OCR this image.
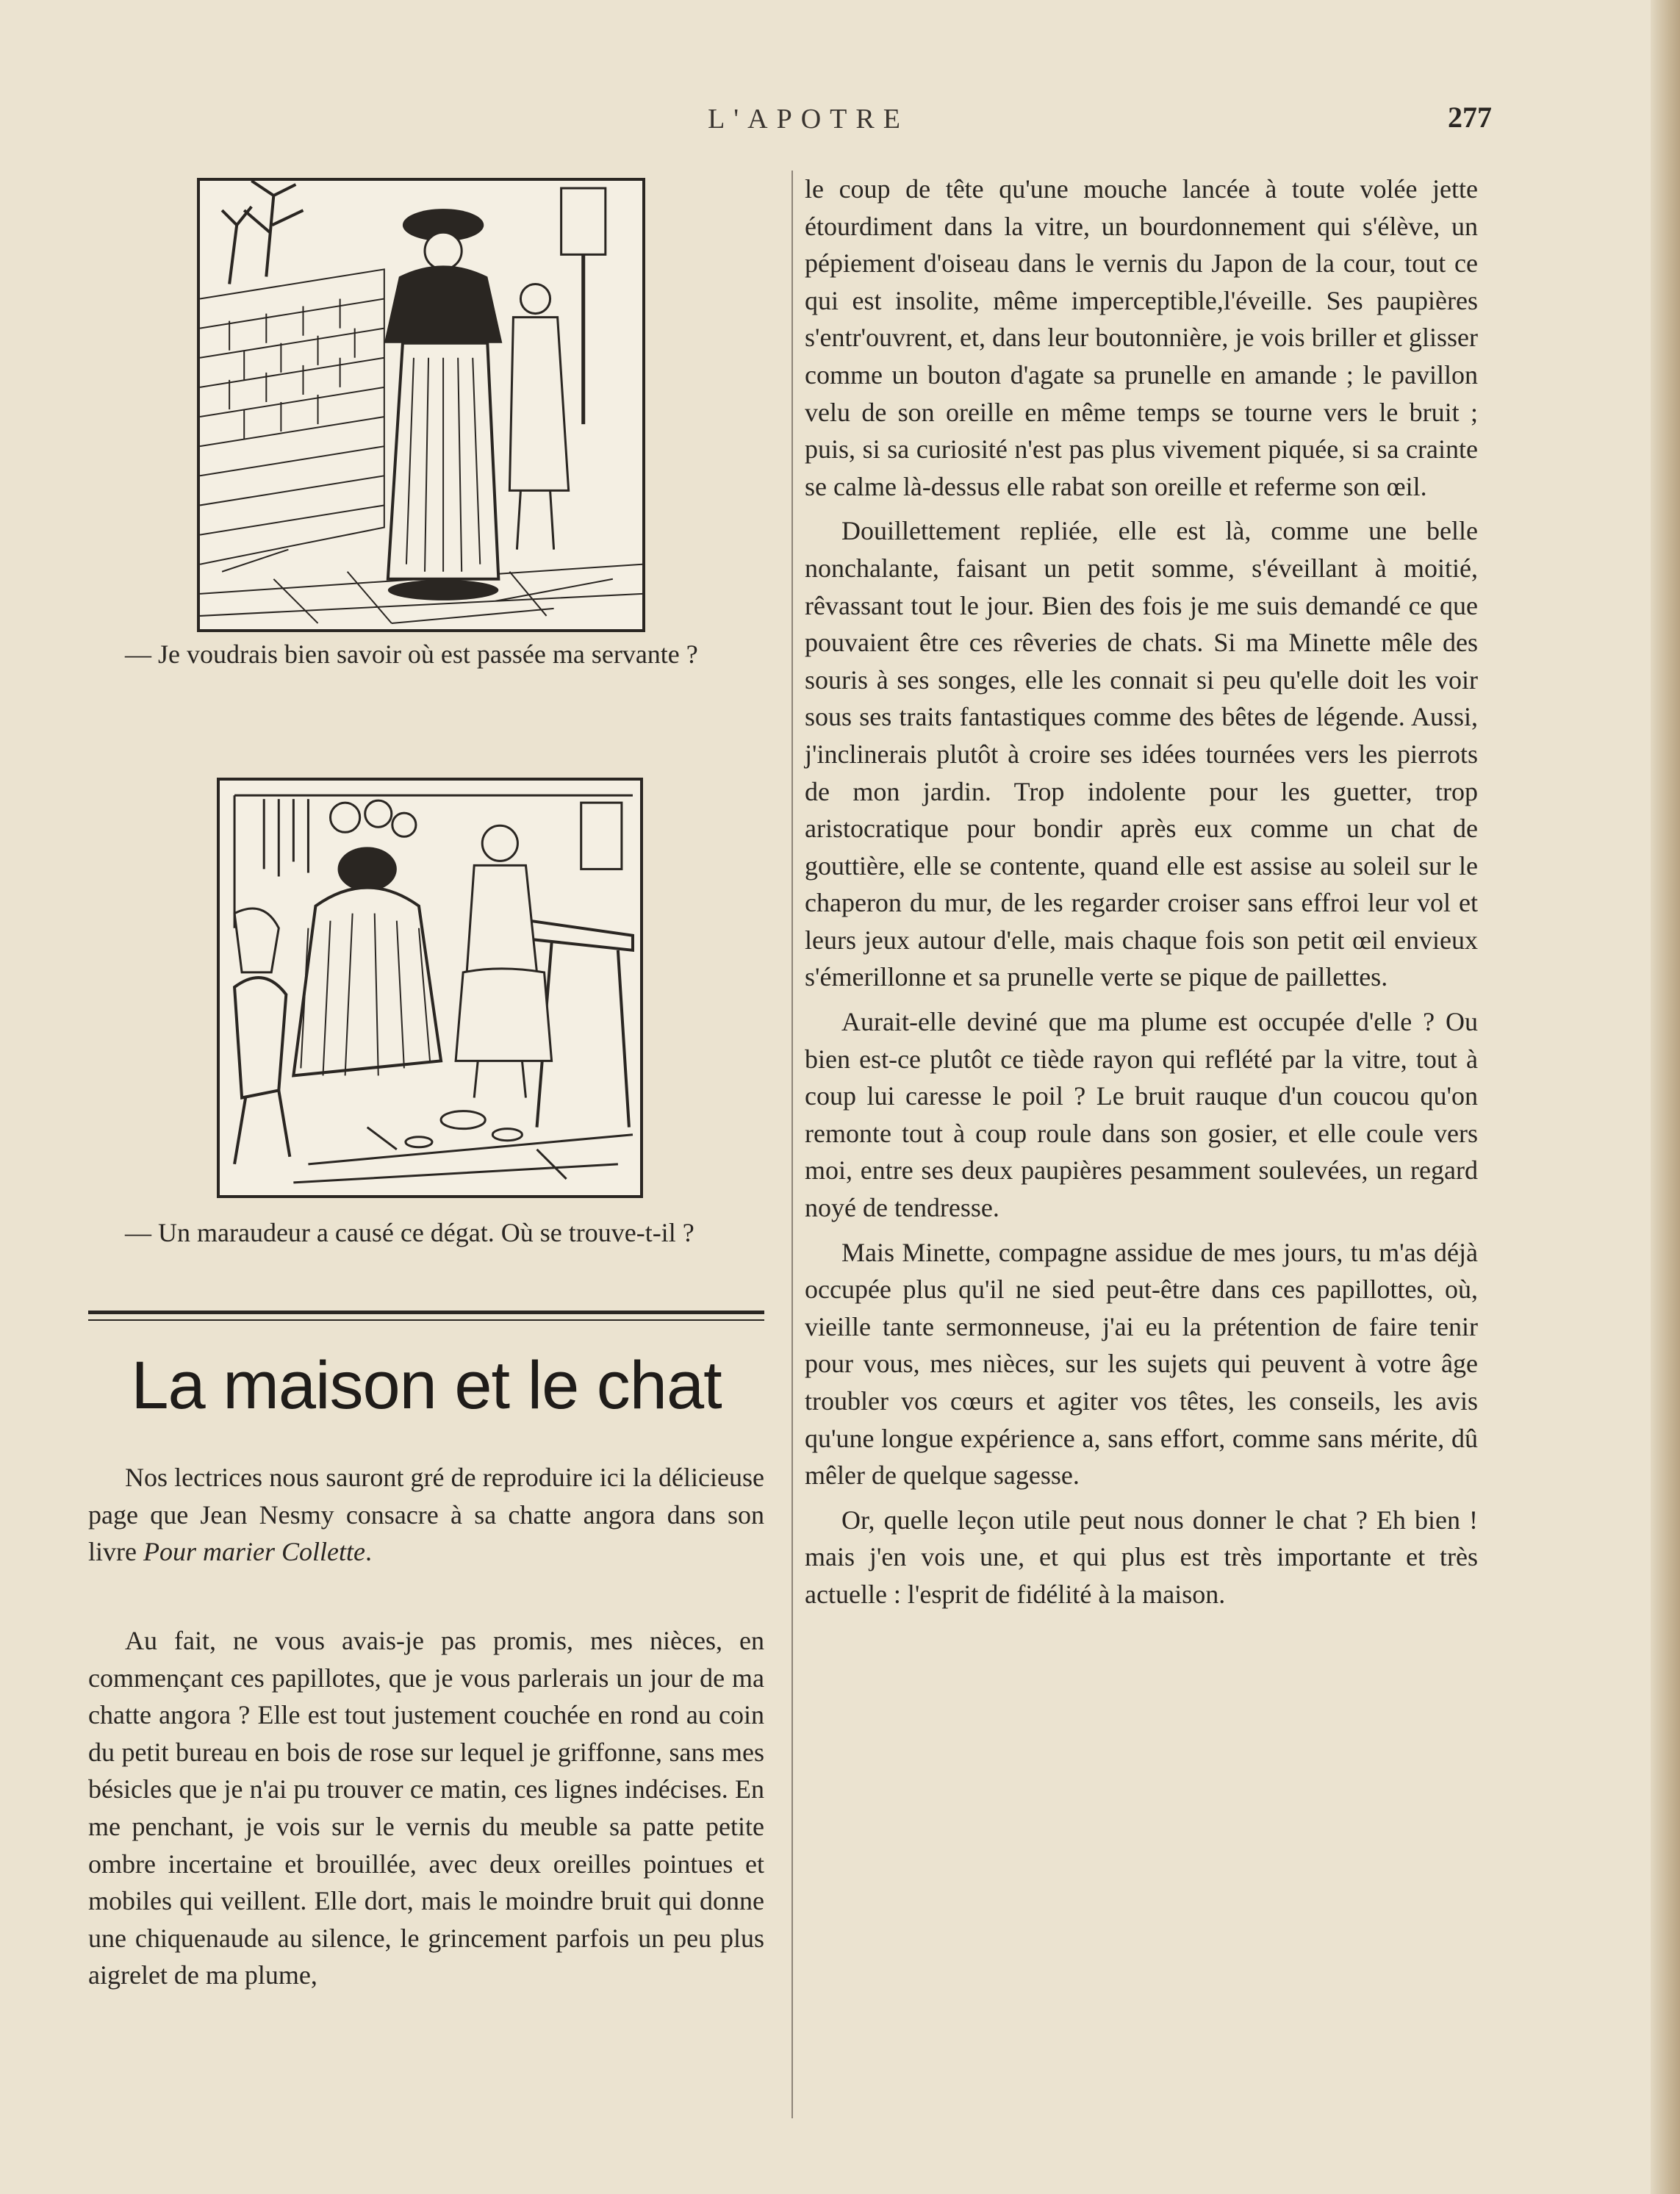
L'APOTRE	277
— Je voudrais bien savoir où est passée ma servante ?
— Un maraudeur a causé ce dégat. Où se trouve-t-il ?
La maison et le chat

Nos lectrices nous sauront gré de reproduire ici la délicieuse page que Jean Nesmy consacre à sa chatte angora dans son livre Pour marier Collette.

Au fait, ne vous avais-je pas promis, mes nièces, en commençant ces papillotes, que je vous parlerais un jour de ma chatte angora ? Elle est tout justement couchée en rond au coin du petit bureau en bois de rose sur lequel je griffonne, sans mes bésicles que je n'ai pu trouver ce matin, ces lignes indécises. En me penchant, je vois sur le vernis du meuble sa patte petite ombre incertaine et brouillée, avec deux oreilles pointues et mobiles qui veillent. Elle dort, mais le moindre bruit qui donne une chiquenaude au silence, le grincement parfois un peu plus aigrelet de ma plume,

le coup de tête qu'une mouche lancée à toute volée jette étourdiment dans la vitre, un bourdonnement qui s'élève, un pépiement d'oiseau dans le vernis du Japon de la cour, tout ce qui est insolite, même imperceptible,l'éveille. Ses paupières s'entr'ouvrent, et, dans leur boutonnière, je vois briller et glisser comme un bouton d'agate sa prunelle en amande ; le pavillon velu de son oreille en même temps se tourne vers le bruit ; puis, si sa curiosité n'est pas plus vivement piquée, si sa crainte se calme là-dessus elle rabat son oreille et referme son œil.

Douillettement repliée, elle est là, comme une belle nonchalante, faisant un petit somme, s'éveillant à moitié, rêvassant tout le jour. Bien des fois je me suis demandé ce que pouvaient être ces rêveries de chats. Si ma Minette mêle des souris à ses songes, elle les connait si peu qu'elle doit les voir sous ses traits fantastiques comme des bêtes de légende. Aussi, j'inclinerais plutôt à croire ses idées tournées vers les pierrots de mon jardin. Trop indolente pour les guetter, trop aristocratique pour bondir après eux comme un chat de gouttière, elle se contente, quand elle est assise au soleil sur le chaperon du mur, de les regarder croiser sans effroi leur vol et leurs jeux autour d'elle, mais chaque fois son petit œil envieux s'émerillonne et sa prunelle verte se pique de paillettes.

Aurait-elle deviné que ma plume est occupée d'elle ? Ou bien est-ce plutôt ce tiède rayon qui reflété par la vitre, tout à coup lui caresse le poil ? Le bruit rauque d'un coucou qu'on remonte tout à coup roule dans son gosier, et elle coule vers moi, entre ses deux paupières pesamment soulevées, un regard noyé de tendresse.

Mais Minette, compagne assidue de mes jours, tu m'as déjà occupée plus qu'il ne sied peut-être dans ces papillottes, où, vieille tante sermonneuse, j'ai eu la prétention de faire tenir pour vous, mes nièces, sur les sujets qui peuvent à votre âge troubler vos cœurs et agiter vos têtes, les conseils, les avis qu'une longue expérience a, sans effort, comme sans mérite, dû mêler de quelque sagesse.

Or, quelle leçon utile peut nous donner le chat ? Eh bien ! mais j'en vois une, et qui plus est très importante et très actuelle : l'esprit de fidélité à la maison.
